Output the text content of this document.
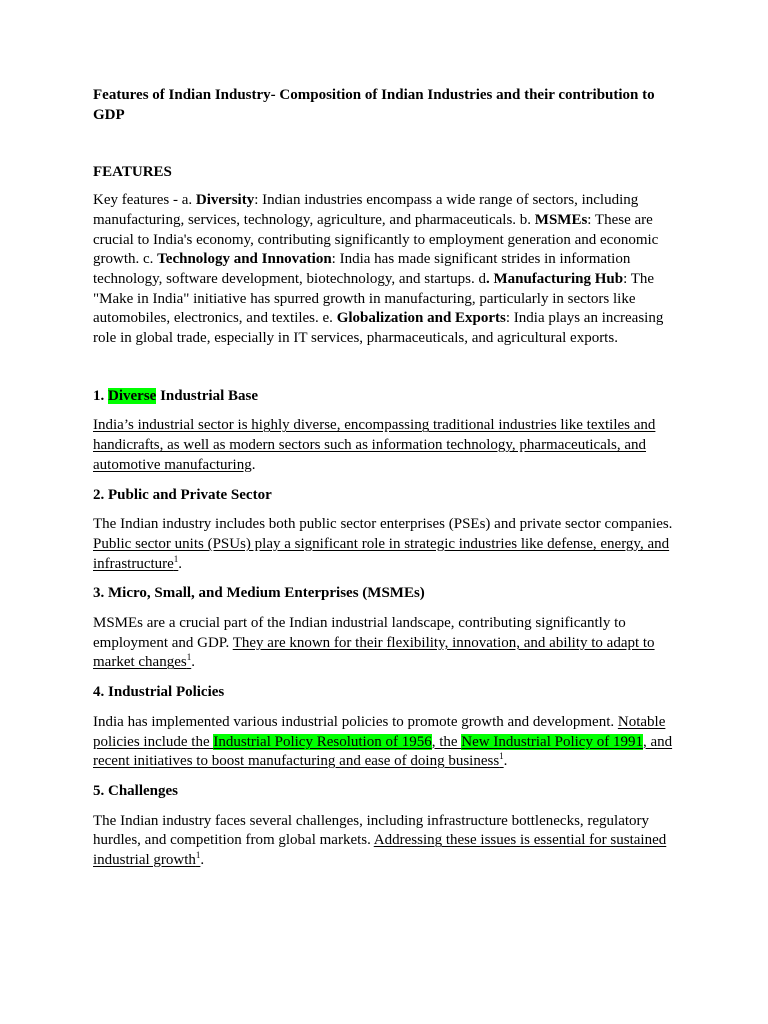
Features of Indian Industry- Composition of Indian Industries and their contribution to GDP

FEATURES

Key features - a. Diversity: Indian industries encompass a wide range of sectors, including manufacturing, services, technology, agriculture, and pharmaceuticals. b. MSMEs: These are crucial to India's economy, contributing significantly to employment generation and economic growth. c. Technology and Innovation: India has made significant strides in information technology, software development, biotechnology, and startups. d. Manufacturing Hub: The "Make in India" initiative has spurred growth in manufacturing, particularly in sectors like automobiles, electronics, and textiles. e. Globalization and Exports: India plays an increasing role in global trade, especially in IT services, pharmaceuticals, and agricultural exports.

1. Diverse Industrial Base

India’s industrial sector is highly diverse, encompassing traditional industries like textiles and handicrafts, as well as modern sectors such as information technology, pharmaceuticals, and automotive manufacturing.

2. Public and Private Sector

The Indian industry includes both public sector enterprises (PSEs) and private sector companies. Public sector units (PSUs) play a significant role in strategic industries like defense, energy, and infrastructure$^1$.

3. Micro, Small, and Medium Enterprises (MSMEs)

MSMEs are a crucial part of the Indian industrial landscape, contributing significantly to employment and GDP. They are known for their flexibility, innovation, and ability to adapt to market changes$^1$.

4. Industrial Policies

India has implemented various industrial policies to promote growth and development. Notable policies include the Industrial Policy Resolution of 1956, the New Industrial Policy of 1991, and recent initiatives to boost manufacturing and ease of doing business$^1$.

5. Challenges

The Indian industry faces several challenges, including infrastructure bottlenecks, regulatory hurdles, and competition from global markets. Addressing these issues is essential for sustained industrial growth$^1$.
